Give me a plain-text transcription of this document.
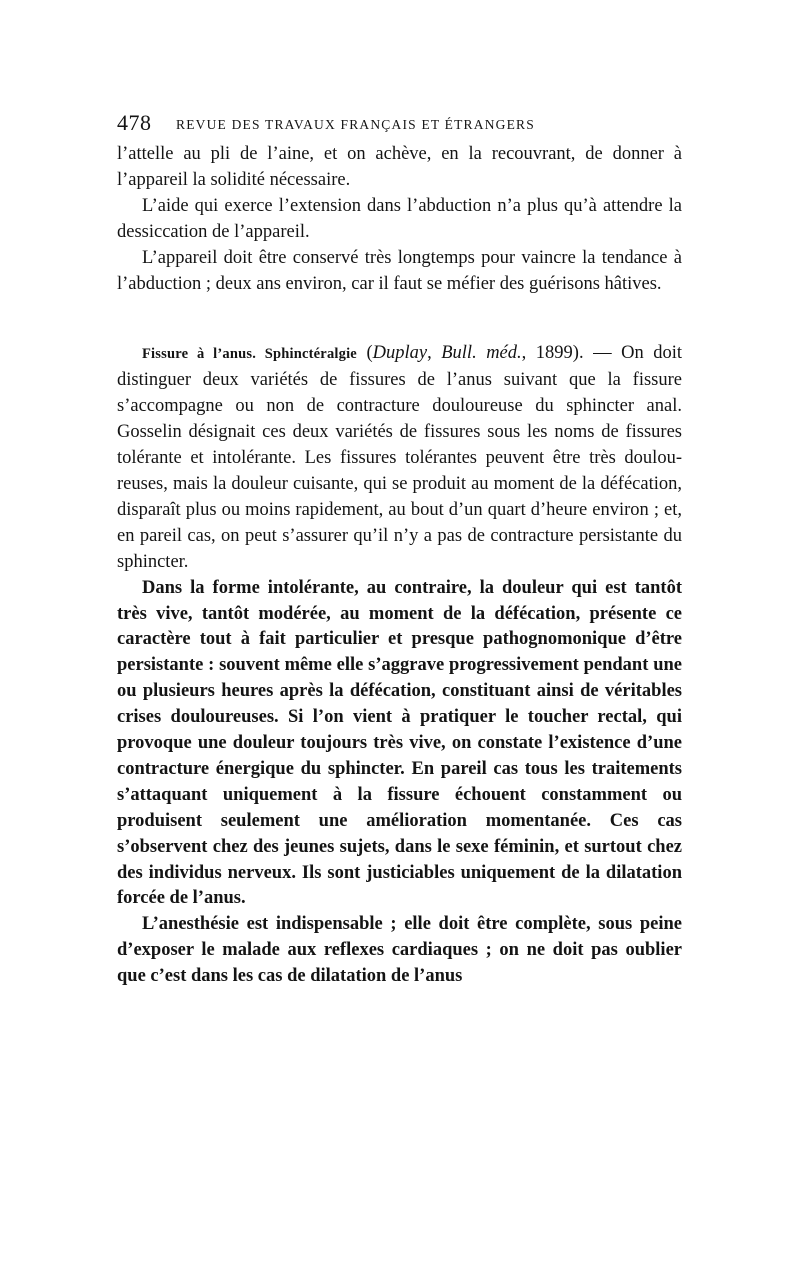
478 REVUE DES TRAVAUX FRANÇAIS ET ÉTRANGERS

l’attelle au pli de l’aine, et on achève, en la recouvrant, de donner à l’appareil la solidité nécessaire.

L’aide qui exerce l’extension dans l’abduction n’a plus qu’à attendre la dessiccation de l’appareil.

L’appareil doit être conservé très longtemps pour vaincre la tendance à l’abduction ; deux ans environ, car il faut se méfier des guérisons hâtives.

Fissure à l’anus. Sphinctéralgie (Duplay, Bull. méd., 1899). — On doit distinguer deux variétés de fissures de l’anus suivant que la fissure s’accompagne ou non de contracture douloureuse du sphincter anal. Gosselin désignait ces deux variétés de fissures sous les noms de fissures tolérante et intolérante. Les fissures tolérantes peuvent être très douloureuses, mais la douleur cuisante, qui se produit au moment de la défécation, disparaît plus ou moins rapidement, au bout d’un quart d’heure environ ; et, en pareil cas, on peut s’assurer qu’il n’y a pas de contracture persistante du sphincter.

Dans la forme intolérante, au contraire, la douleur qui est tantôt très vive, tantôt modérée, au moment de la défécation, présente ce caractère tout à fait particulier et presque pathognomonique d’être persistante : souvent même elle s’aggrave progressivement pendant une ou plusieurs heures après la défécation, constituant ainsi de véritables crises douloureuses. Si l’on vient à pratiquer le toucher rectal, qui provoque une douleur toujours très vive, on constate l’existence d’une contracture énergique du sphincter. En pareil cas tous les traitements s’attaquant uniquement à la fissure échouent constamment ou produisent seulement une amélioration momentanée. Ces cas s’observent chez des jeunes sujets, dans le sexe féminin, et surtout chez des individus nerveux. Ils sont justiciables uniquement de la dilatation forcée de l’anus.

L’anesthésie est indispensable ; elle doit être complète, sous peine d’exposer le malade aux reflexes cardiaques ; on ne doit pas oublier que c’est dans les cas de dilatation de l’anus
